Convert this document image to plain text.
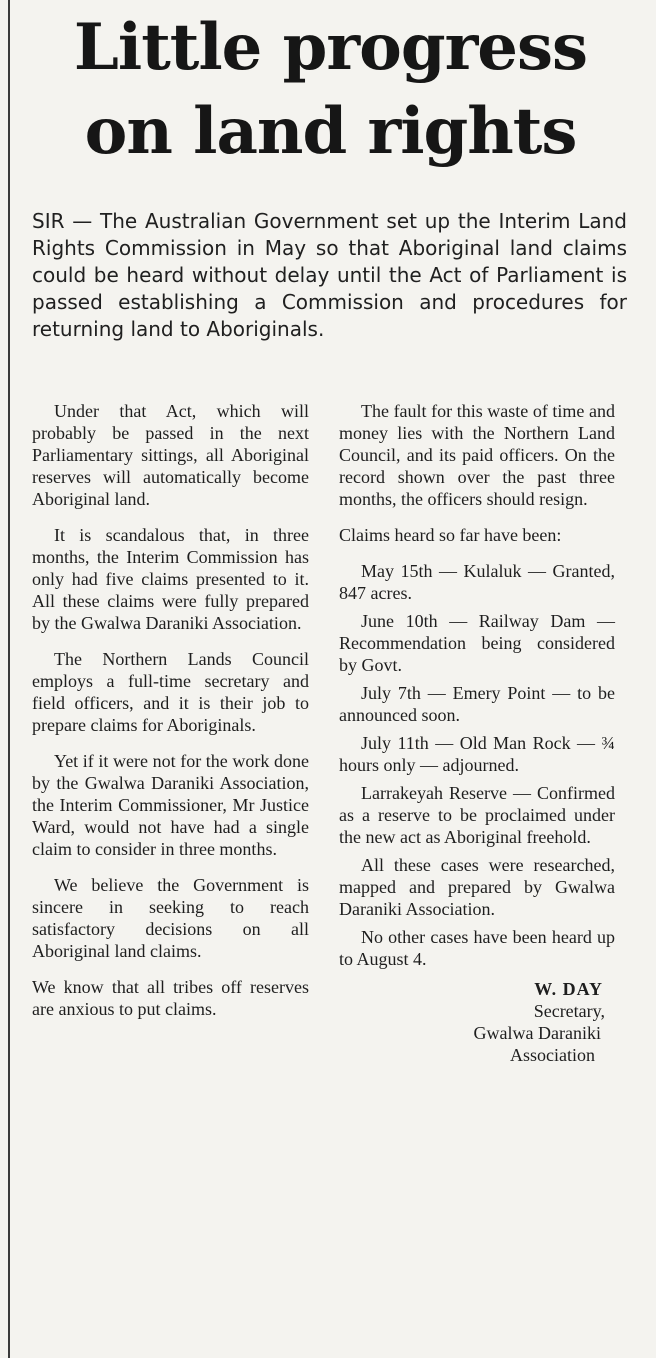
Little progress
on land rights

SIR — The Australian Government set up the Interim Land Rights Commission in May so that Aboriginal land claims could be heard without delay until the Act of Parliament is passed establishing a Commission and procedures for returning land to Aboriginals.

Under that Act, which will probably be passed in the next Parliamentary sittings, all Aboriginal reserves will automatically become Aboriginal land.

It is scandalous that, in three months, the Interim Commission has only had five claims presented to it. All these claims were fully prepared by the Gwalwa Daraniki Association.

The Northern Lands Council employs a full-time secretary and field officers, and it is their job to prepare claims for Aboriginals.

Yet if it were not for the work done by the Gwalwa Daraniki Association, the Interim Commissioner, Mr Justice Ward, would not have had a single claim to consider in three months.

We believe the Government is sincere in seeking to reach satisfactory decisions on all Aboriginal land claims.

We know that all tribes off reserves are anxious to put claims.

The fault for this waste of time and money lies with the Northern Land Council, and its paid officers. On the record shown over the past three months, the officers should resign.

Claims heard so far have been:

May 15th — Kulaluk — Granted, 847 acres.

June 10th — Railway Dam — Recommendation being considered by Govt.

July 7th — Emery Point — to be announced soon.

July 11th — Old Man Rock — ¾ hours only — adjourned.

Larrakeyah Reserve — Confirmed as a reserve to be proclaimed under the new act as Aboriginal freehold.

All these cases were researched, mapped and prepared by Gwalwa Daraniki Association.

No other cases have been heard up to August 4.

W. DAY
Secretary,
Gwalwa Daraniki
Association
